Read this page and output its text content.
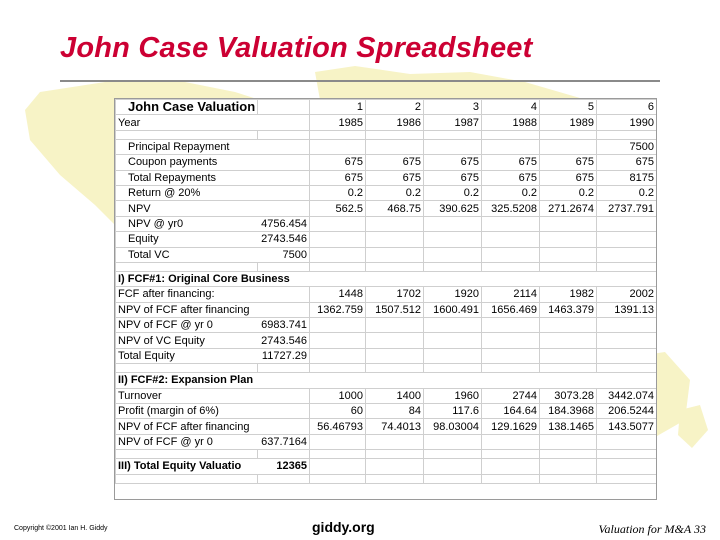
John Case Valuation Spreadsheet
John Case Valuation		1	2	3	4	5	6
Year		1985	1986	1987	1988	1989	1990

Principal Repayment							7500
Coupon payments		675	675	675	675	675	675
Total Repayments		675	675	675	675	675	8175
Return @ 20%		0.2	0.2	0.2	0.2	0.2	0.2
NPV		562.5	468.75	390.625	325.5208	271.2674	2737.791
NPV @ yr0	4756.454						
Equity	2743.546						
Total VC	7500						

I) FCF#1: Original Core Business							
FCF after financing:		1448	1702	1920	2114	1982	2002
NPV of FCF after financing		1362.759	1507.512	1600.491	1656.469	1463.379	1391.13
NPV of FCF @ yr 0	6983.741						
NPV of VC Equity	2743.546						
Total Equity	11727.29						

II) FCF#2: Expansion Plan							
Turnover		1000	1400	1960	2744	3073.28	3442.074
Profit (margin of 6%)		60	84	117.6	164.64	184.3968	206.5244
NPV of FCF after financing		56.46793	74.4013	98.03004	129.1629	138.1465	143.5077
NPV of FCF @ yr 0	637.7164						

III) Total Equity Valuatio	12365						

Copyright ©2001 Ian H. Giddy	giddy.org	Valuation for M&A 33
